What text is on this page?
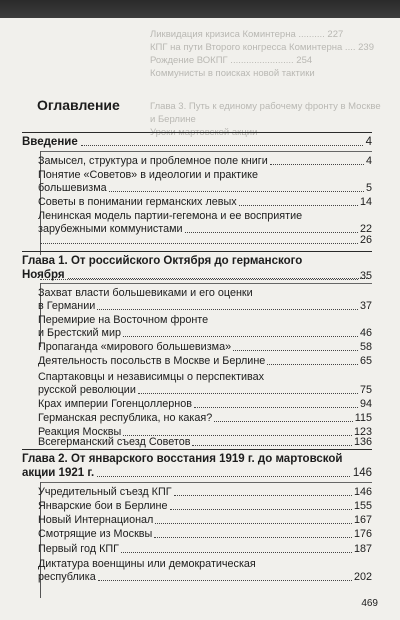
Ликвидация кризиса Коминтерна .......... 227
КПГ на пути Второго конгресса Коминтерна .... 239
Рождение ВОКПГ ........................ 254
Коммунисты в поисках новой тактики
Глава 3. Путь к единому рабочему фронту в Москве
и Берлине
Уроки мартовской акции
Оглавление
Введение	4
Замысел, структура и проблемное поле книги	4
Понятие «Советов» в идеологии и практике
большевизма	5
Советы в понимании германских левых	14
Ленинская модель партии-гегемона и ее восприятие
зарубежными коммунистами	22
26
Глава 1. От российского Октября до германского
Ноября	35
Захват власти большевиками и его оценки
в Германии	37
Перемирие на Восточном фронте
и Брестский мир	46
Пропаганда «мирового большевизма»	58
Деятельность посольств в Москве и Берлине	65
Спартаковцы и независимцы о перспективах
русской революции	75
Крах империи Гогенцоллернов	94
Германская республика, но какая?	115
Реакция Москвы	123
Всегерманский съезд Советов	136
Глава 2. От январского восстания 1919 г. до мартовской
акции 1921 г.	146
Учредительный съезд КПГ	146
Январские бои в Берлине	155
Новый Интернационал	167
Смотрящие из Москвы	176
Первый год КПГ	187
Диктатура военщины или демократическая
республика	202
469
